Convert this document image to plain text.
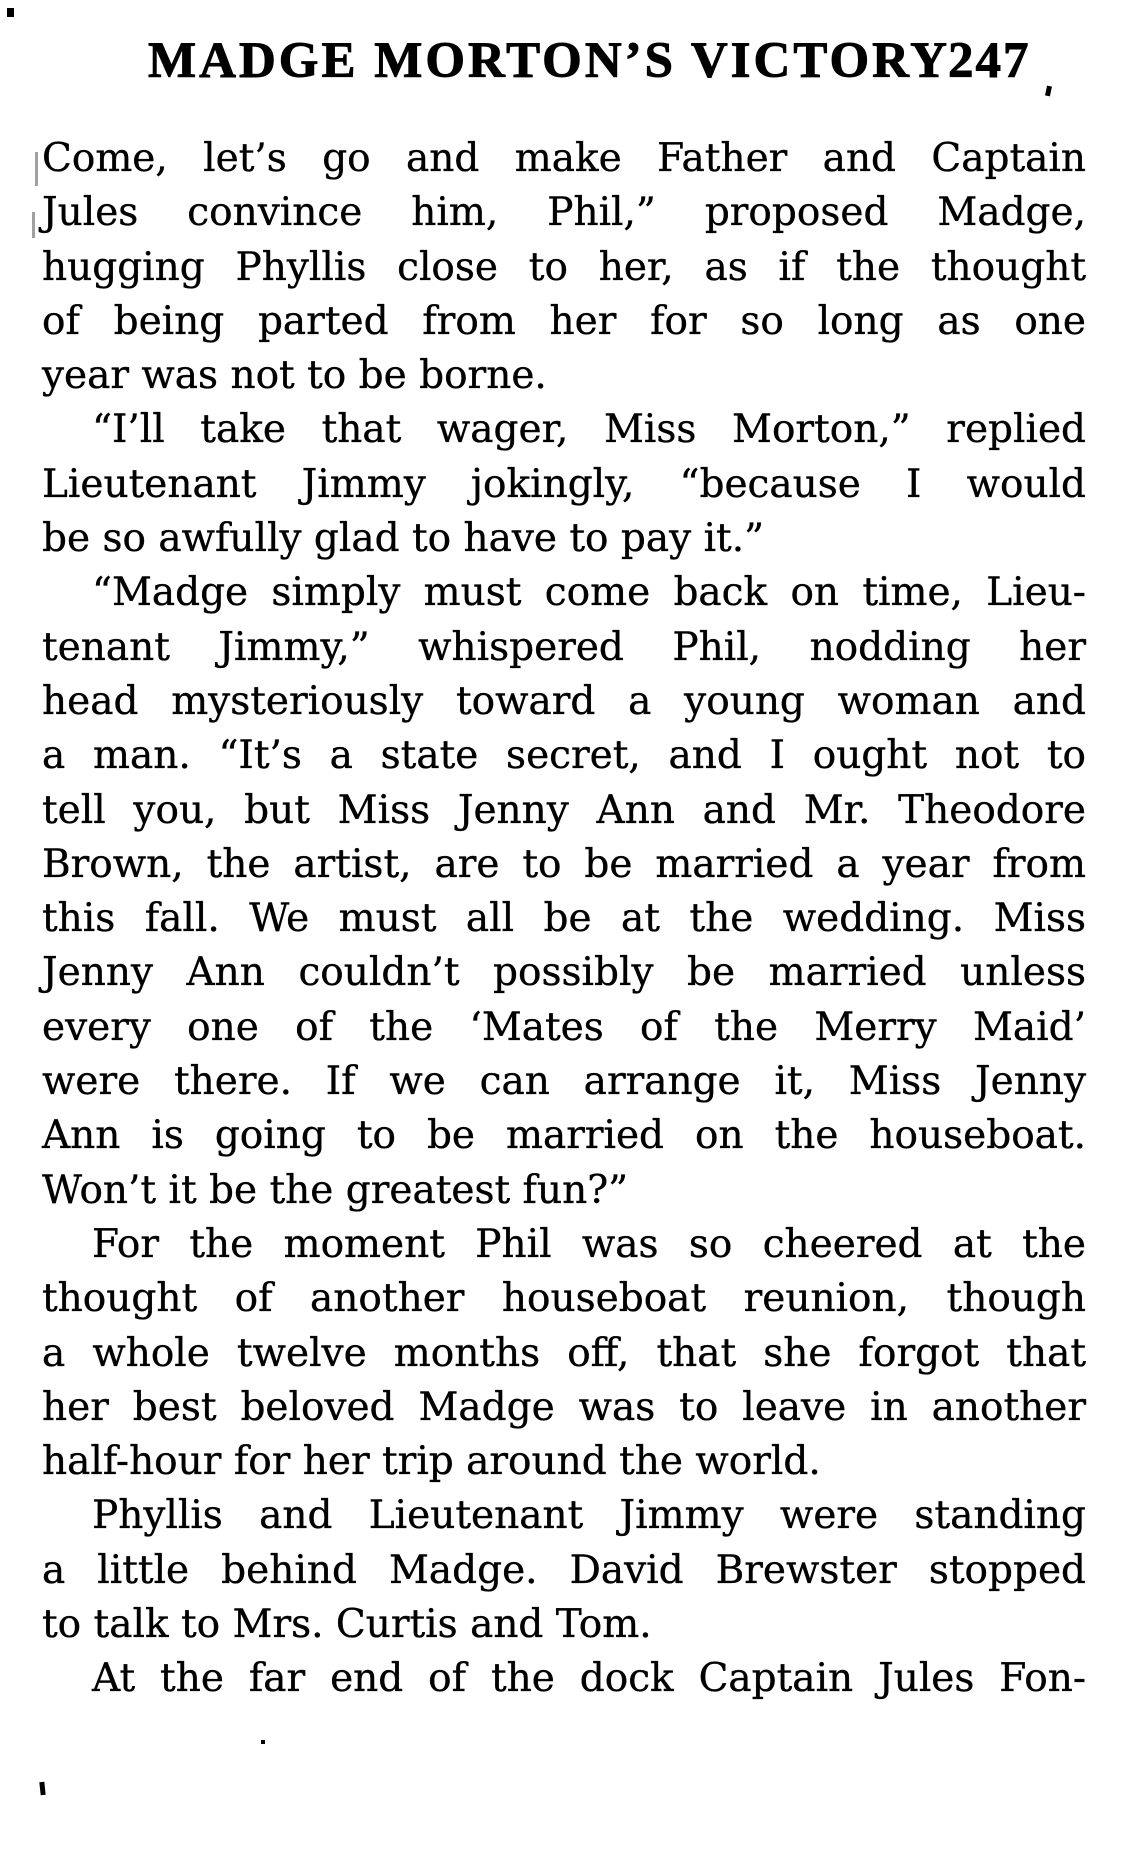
MADGE MORTON’S VICTORY
247
Come, let’s go and make Father and Captain
Jules convince him, Phil,” proposed Madge,
hugging Phyllis close to her, as if the thought
of being parted from her for so long as one
year was not to be borne.
“I’ll take that wager, Miss Morton,” replied
Lieutenant Jimmy jokingly, “because I would
be so awfully glad to have to pay it.”
“Madge simply must come back on time, Lieu-
tenant Jimmy,” whispered Phil, nodding her
head mysteriously toward a young woman and
a man. “It’s a state secret, and I ought not to
tell you, but Miss Jenny Ann and Mr. Theodore
Brown, the artist, are to be married a year from
this fall. We must all be at the wedding. Miss
Jenny Ann couldn’t possibly be married unless
every one of the ‘Mates of the Merry Maid’
were there. If we can arrange it, Miss Jenny
Ann is going to be married on the houseboat.
Won’t it be the greatest fun?”
For the moment Phil was so cheered at the
thought of another houseboat reunion, though
a whole twelve months off, that she forgot that
her best beloved Madge was to leave in another
half-hour for her trip around the world.
Phyllis and Lieutenant Jimmy were standing
a little behind Madge. David Brewster stopped
to talk to Mrs. Curtis and Tom.
At the far end of the dock Captain Jules Fon-
